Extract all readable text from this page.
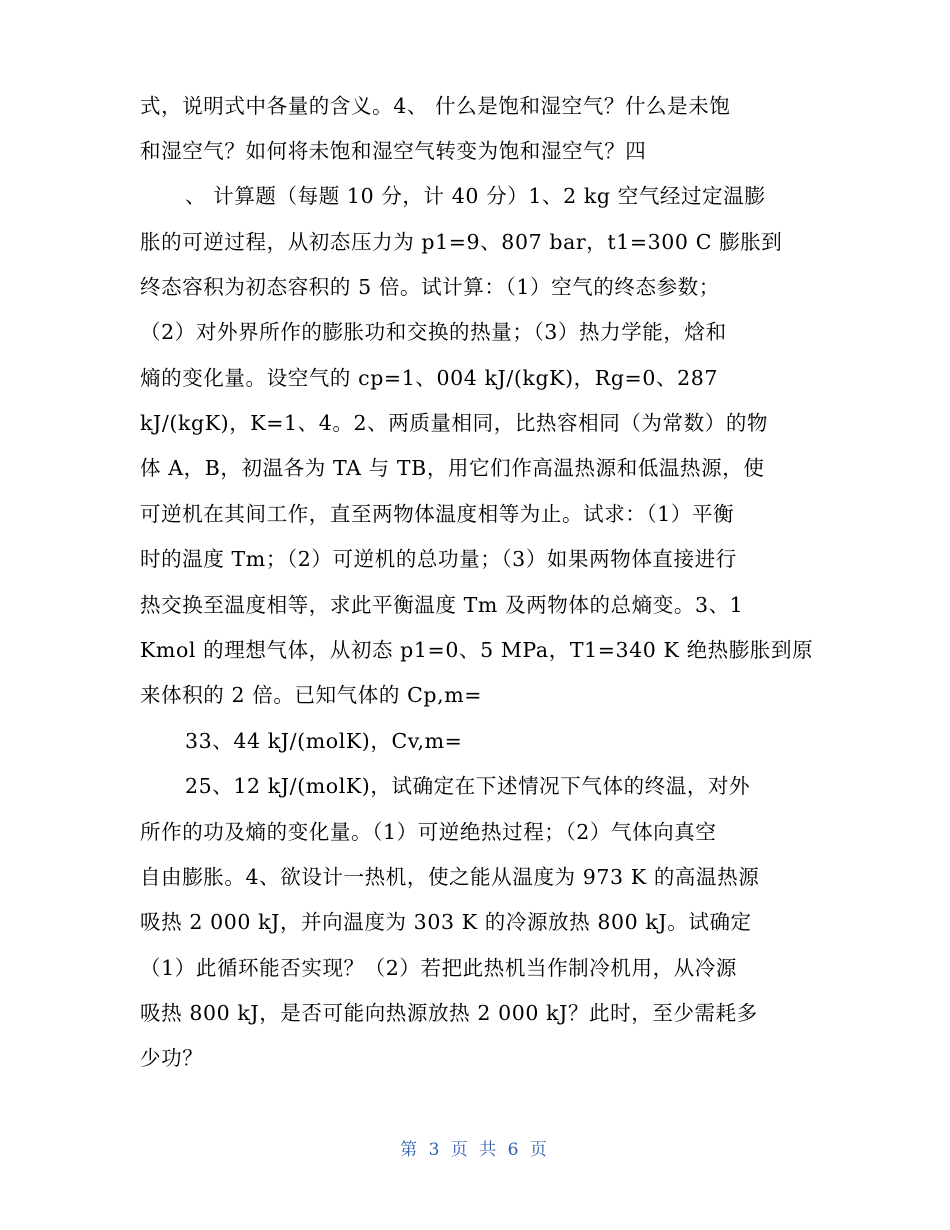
式，说明式中各量的含义。4、 什么是饱和湿空气？什么是未饱
和湿空气？如何将未饱和湿空气转变为饱和湿空气？四
、 计算题（每题 10 分，计 40 分）1、2 kg 空气经过定温膨
胀的可逆过程，从初态压力为 p1=9、807 bar，t1=300 C 膨胀到
终态容积为初态容积的 5 倍。试计算：（1）空气的终态参数；
（2）对外界所作的膨胀功和交换的热量；（3）热力学能，焓和
熵的变化量。设空气的 cp=1、004 kJ/(kgK)，Rg=0、287
kJ/(kgK)，K=1、4。2、两质量相同，比热容相同（为常数）的物
体 A，B，初温各为 TA 与 TB，用它们作高温热源和低温热源，使
可逆机在其间工作，直至两物体温度相等为止。试求：（1）平衡
时的温度 Tm；（2）可逆机的总功量；（3）如果两物体直接进行
热交换至温度相等，求此平衡温度 Tm 及两物体的总熵变。3、1
Kmol 的理想气体，从初态 p1=0、5 MPa，T1=340 K 绝热膨胀到原
来体积的 2 倍。已知气体的 Cp,m=
33、44 kJ/(molK)，Cv,m=
25、12 kJ/(molK)，试确定在下述情况下气体的终温，对外
所作的功及熵的变化量。（1）可逆绝热过程；（2）气体向真空
自由膨胀。4、欲设计一热机，使之能从温度为 973 K 的高温热源
吸热 2 000 kJ，并向温度为 303 K 的冷源放热 800 kJ。试确定
（1）此循环能否实现？（2）若把此热机当作制冷机用，从冷源
吸热 800 kJ，是否可能向热源放热 2 000 kJ？此时，至少需耗多
少功？
第 3 页 共 6 页
